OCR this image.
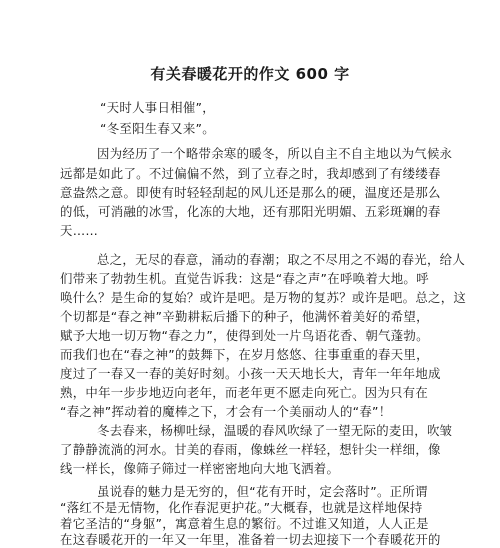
有关春暖花开的作文 600 字
“天时人事日相催”，
“冬至阳生春又来”。
因为经历了一个略带余寒的暖冬，所以自主不自主地以为气候永
远都是如此了。不过偏偏不然，到了立春之时，我却感到了有缕缕春
意盎然之意。即使有时轻轻刮起的风儿还是那么的硬，温度还是那么
的低，可消融的冰雪，化冻的大地，还有那阳光明媚、五彩斑斓的春
天……
总之，无尽的春意，涌动的春潮；取之不尽用之不竭的春光，给人
们带来了勃勃生机。直觉告诉我：这是“春之声”在呼唤着大地。呼
唤什么？是生命的复始？或许是吧。是万物的复苏？或许是吧。总之，这
个切都是“春之神”辛勤耕耘后播下的种子，他满怀着美好的希望，
赋予大地一切万物“春之力”，使得到处一片鸟语花香、朝气蓬勃。
而我们也在“春之神”的鼓舞下，在岁月悠悠、往事重重的春天里，
度过了一春又一春的美好时刻。小孩一天天地长大，青年一年年地成
熟，中年一步步地迈向老年，而老年更不愿走向死亡。因为只有在
“春之神”挥动着的魔棒之下，才会有一个美丽动人的“春”！
冬去春来，杨柳吐绿，温暖的春风吹绿了一望无际的麦田，吹皱
了静静流淌的河水。甘美的春雨，像蛛丝一样轻，想针尖一样细，像
线一样长，像筛子筛过一样密密地向大地飞洒着。
虽说春的魅力是无穷的，但“花有开时，定会落时”。正所谓
“落红不是无情物，化作春泥更护花。”大概春，也就是这样地保持
着它圣洁的“身躯”，寓意着生息的繁衍。不过谁又知道，人人正是
在这春暖花开的一年又一年里，准备着一切去迎接下一个春暖花开的
